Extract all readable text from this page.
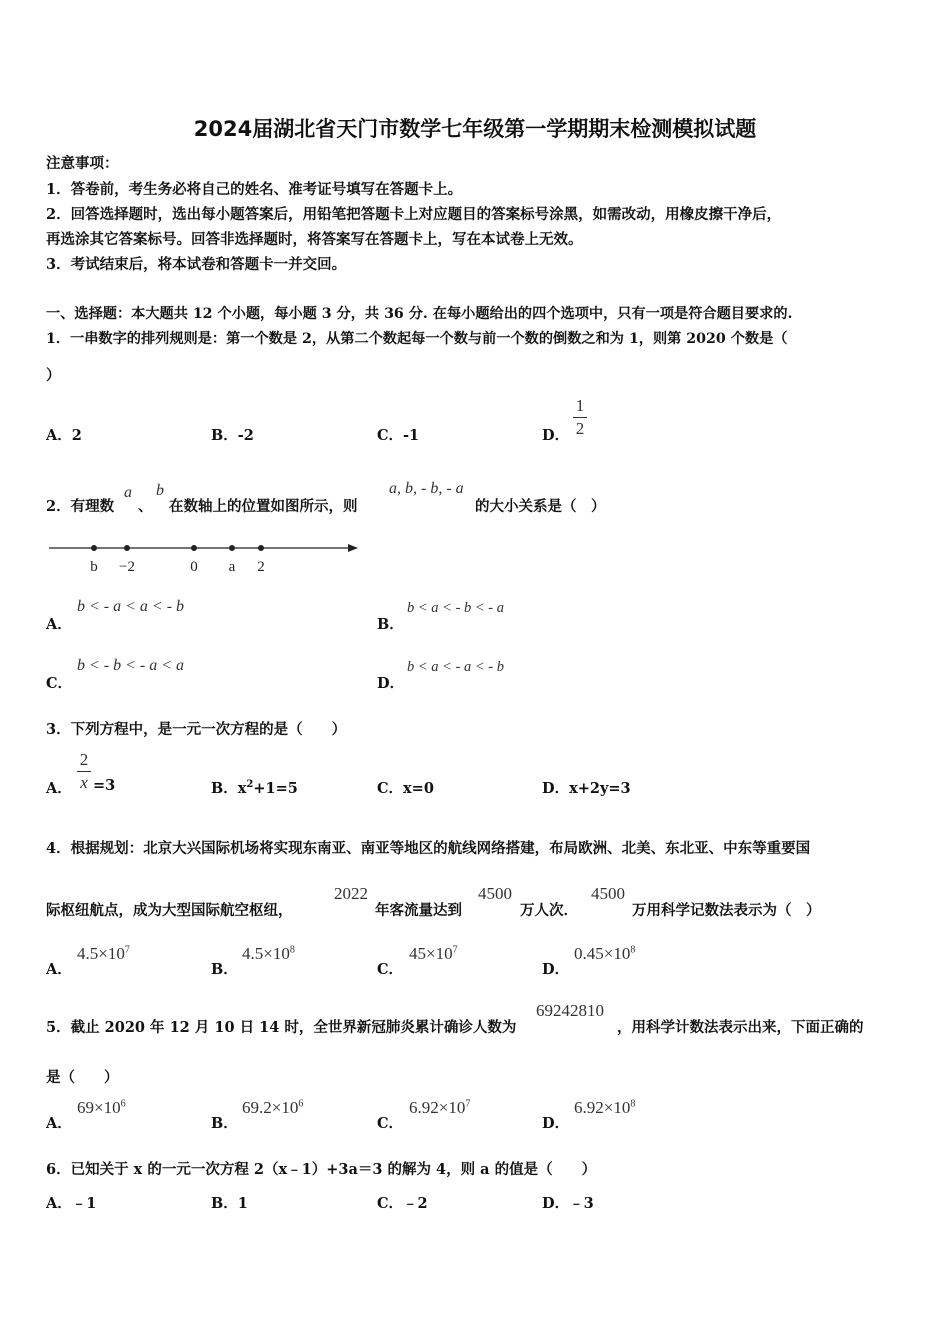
2024届湖北省天门市数学七年级第一学期期末检测模拟试题
注意事项：
1．答卷前，考生务必将自己的姓名、准考证号填写在答题卡上。
2．回答选择题时，选出每小题答案后，用铅笔把答题卡上对应题目的答案标号涂黑，如需改动，用橡皮擦干净后，
再选涂其它答案标号。回答非选择题时，将答案写在答题卡上，写在本试卷上无效。
3．考试结束后，将本试卷和答题卡一并交回。
一、选择题：本大题共 12 个小题，每小题 3 分，共 36 分. 在每小题给出的四个选项中，只有一项是符合题目要求的.
1．一串数字的排列规则是：第一个数是 2，从第二个数起每一个数与前一个数的倒数之和为 1，则第 2020 个数是（
）
A．2	B．-2	C．-1	D．
1
2
2．有理数
a
、
b
在数轴上的位置如图所示，则
a, b, - b, - a
的大小关系是（　）
b −2	0 a 2
A．
b < - a < a < - b
B．
b < a < - b < - a
C．
b < - b < - a < a
D．
b < a < - a < - b
3．下列方程中，是一元一次方程的是（　　）
A．
2
x =3	B．$x^2+1=5$	C．x=0	D．x+2y=3
4．根据规划：北京大兴国际机场将实现东南亚、南亚等地区的航线网络搭建，布局欧洲、北美、东北亚、中东等重要国
际枢纽航点，成为大型国际航空枢纽，
2022
年客流量达到
4500
万人次．
4500
万用科学记数法表示为（　）
A．
$4.5\times 10^7$
B．
$4.5\times 10^8$
C．
$45\times 10^7$
D．
$0.45\times 10^8$
5．截止 2020 年 12 月 10 日 14 时，全世界新冠肺炎累计确诊人数为
69242810
，用科学计数法表示出来，下面正确的
是（　　）
A．
$69\times 10^6$
B．
$69.2\times 10^6$
C．
$6.92\times 10^7$
D．
$6.92\times 10^8$
6．已知关于 x 的一元一次方程 2（x﹣1）+3a＝3 的解为 4，则 a 的值是（　　）
A．﹣1	B．1	C．﹣2	D．﹣3
